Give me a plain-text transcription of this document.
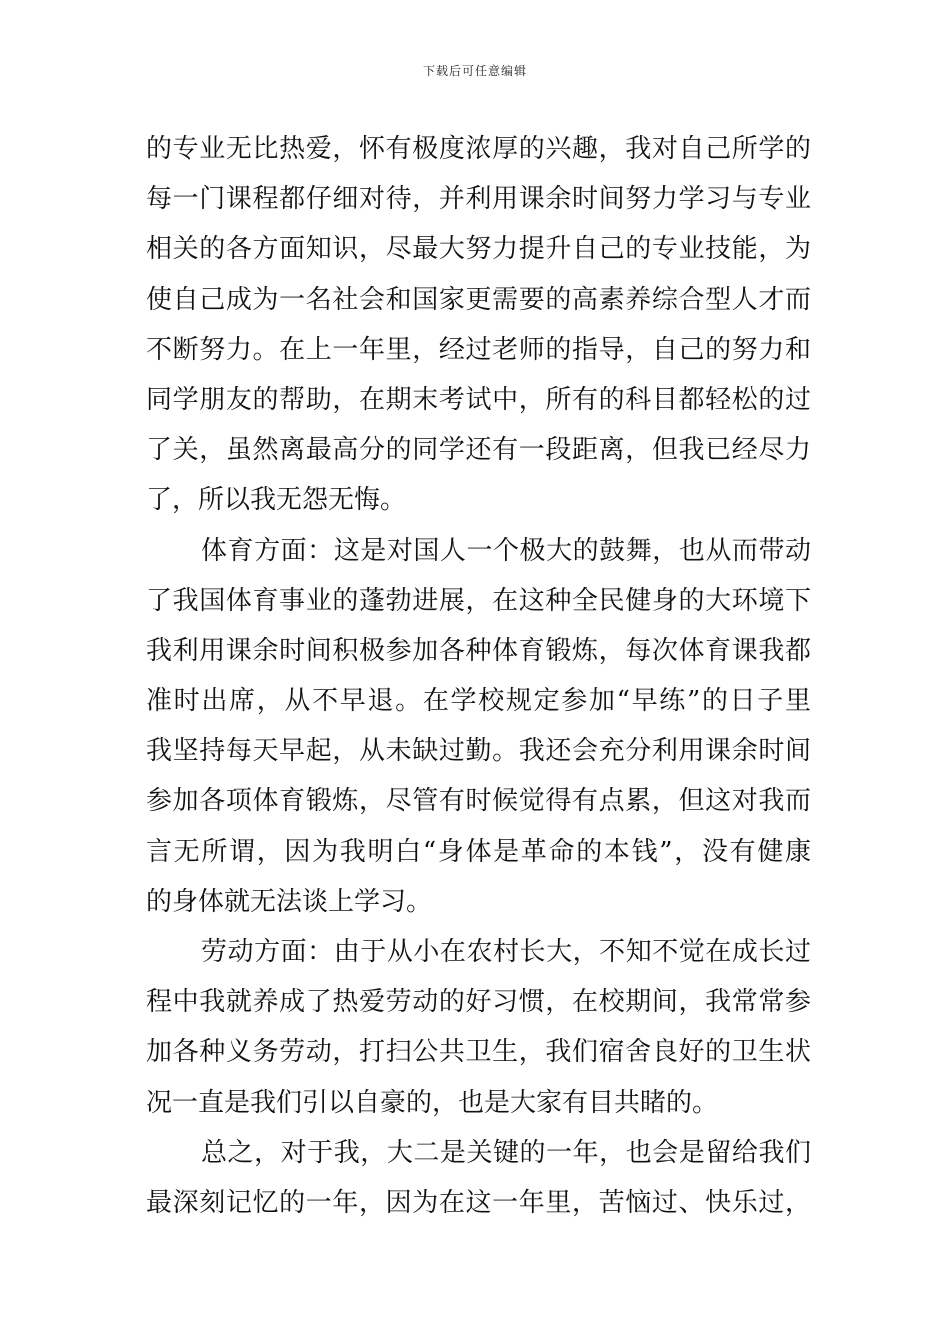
下载后可任意编辑
的专业无比热爱，怀有极度浓厚的兴趣，我对自己所学的
每一门课程都仔细对待，并利用课余时间努力学习与专业
相关的各方面知识，尽最大努力提升自己的专业技能，为
使自己成为一名社会和国家更需要的高素养综合型人才而
不断努力。在上一年里，经过老师的指导，自己的努力和
同学朋友的帮助，在期末考试中，所有的科目都轻松的过
了关，虽然离最高分的同学还有一段距离，但我已经尽力
了，所以我无怨无悔。
体育方面：这是对国人一个极大的鼓舞，也从而带动
了我国体育事业的蓬勃进展，在这种全民健身的大环境下
我利用课余时间积极参加各种体育锻炼，每次体育课我都
准时出席，从不早退。在学校规定参加“早练”的日子里
我坚持每天早起，从未缺过勤。我还会充分利用课余时间
参加各项体育锻炼，尽管有时候觉得有点累，但这对我而
言无所谓，因为我明白“身体是革命的本钱”，没有健康
的身体就无法谈上学习。
劳动方面：由于从小在农村长大，不知不觉在成长过
程中我就养成了热爱劳动的好习惯，在校期间，我常常参
加各种义务劳动，打扫公共卫生，我们宿舍良好的卫生状
况一直是我们引以自豪的，也是大家有目共睹的。
总之，对于我，大二是关键的一年，也会是留给我们
最深刻记忆的一年，因为在这一年里，苦恼过、快乐过，
